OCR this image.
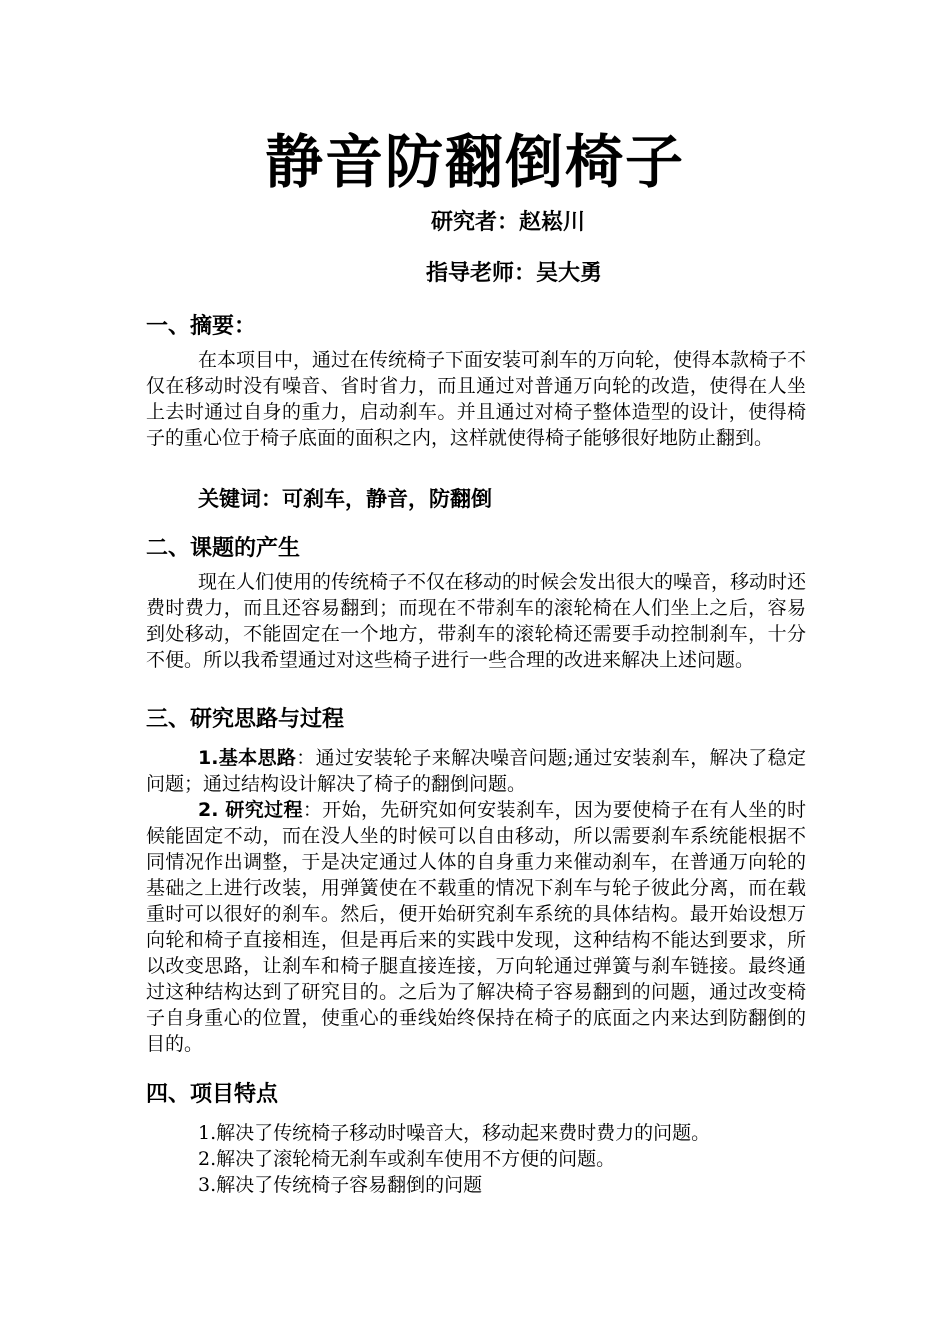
静音防翻倒椅子
研究者：赵崧川
指导老师：吴大勇
一、摘要：
在本项目中，通过在传统椅子下面安装可刹车的万向轮，使得本款椅子不仅在移动时没有噪音、省时省力，而且通过对普通万向轮的改造，使得在人坐上去时通过自身的重力，启动刹车。并且通过对椅子整体造型的设计，使得椅子的重心位于椅子底面的面积之内，这样就使得椅子能够很好地防止翻到。
关键词：可刹车，静音，防翻倒
二、课题的产生
现在人们使用的传统椅子不仅在移动的时候会发出很大的噪音，移动时还费时费力，而且还容易翻到；而现在不带刹车的滚轮椅在人们坐上之后，容易到处移动，不能固定在一个地方，带刹车的滚轮椅还需要手动控制刹车，十分不便。所以我希望通过对这些椅子进行一些合理的改进来解决上述问题。
三、研究思路与过程
1.基本思路：通过安装轮子来解决噪音问题;通过安装刹车，解决了稳定问题；通过结构设计解决了椅子的翻倒问题。
2. 研究过程：开始，先研究如何安装刹车，因为要使椅子在有人坐的时候能固定不动，而在没人坐的时候可以自由移动，所以需要刹车系统能根据不同情况作出调整，于是决定通过人体的自身重力来催动刹车，在普通万向轮的基础之上进行改装，用弹簧使在不载重的情况下刹车与轮子彼此分离，而在载重时可以很好的刹车。然后，便开始研究刹车系统的具体结构。最开始设想万向轮和椅子直接相连，但是再后来的实践中发现，这种结构不能达到要求，所以改变思路，让刹车和椅子腿直接连接，万向轮通过弹簧与刹车链接。最终通过这种结构达到了研究目的。之后为了解决椅子容易翻到的问题，通过改变椅子自身重心的位置，使重心的垂线始终保持在椅子的底面之内来达到防翻倒的目的。
四、项目特点
1.解决了传统椅子移动时噪音大，移动起来费时费力的问题。
2.解决了滚轮椅无刹车或刹车使用不方便的问题。
3.解决了传统椅子容易翻倒的问题
